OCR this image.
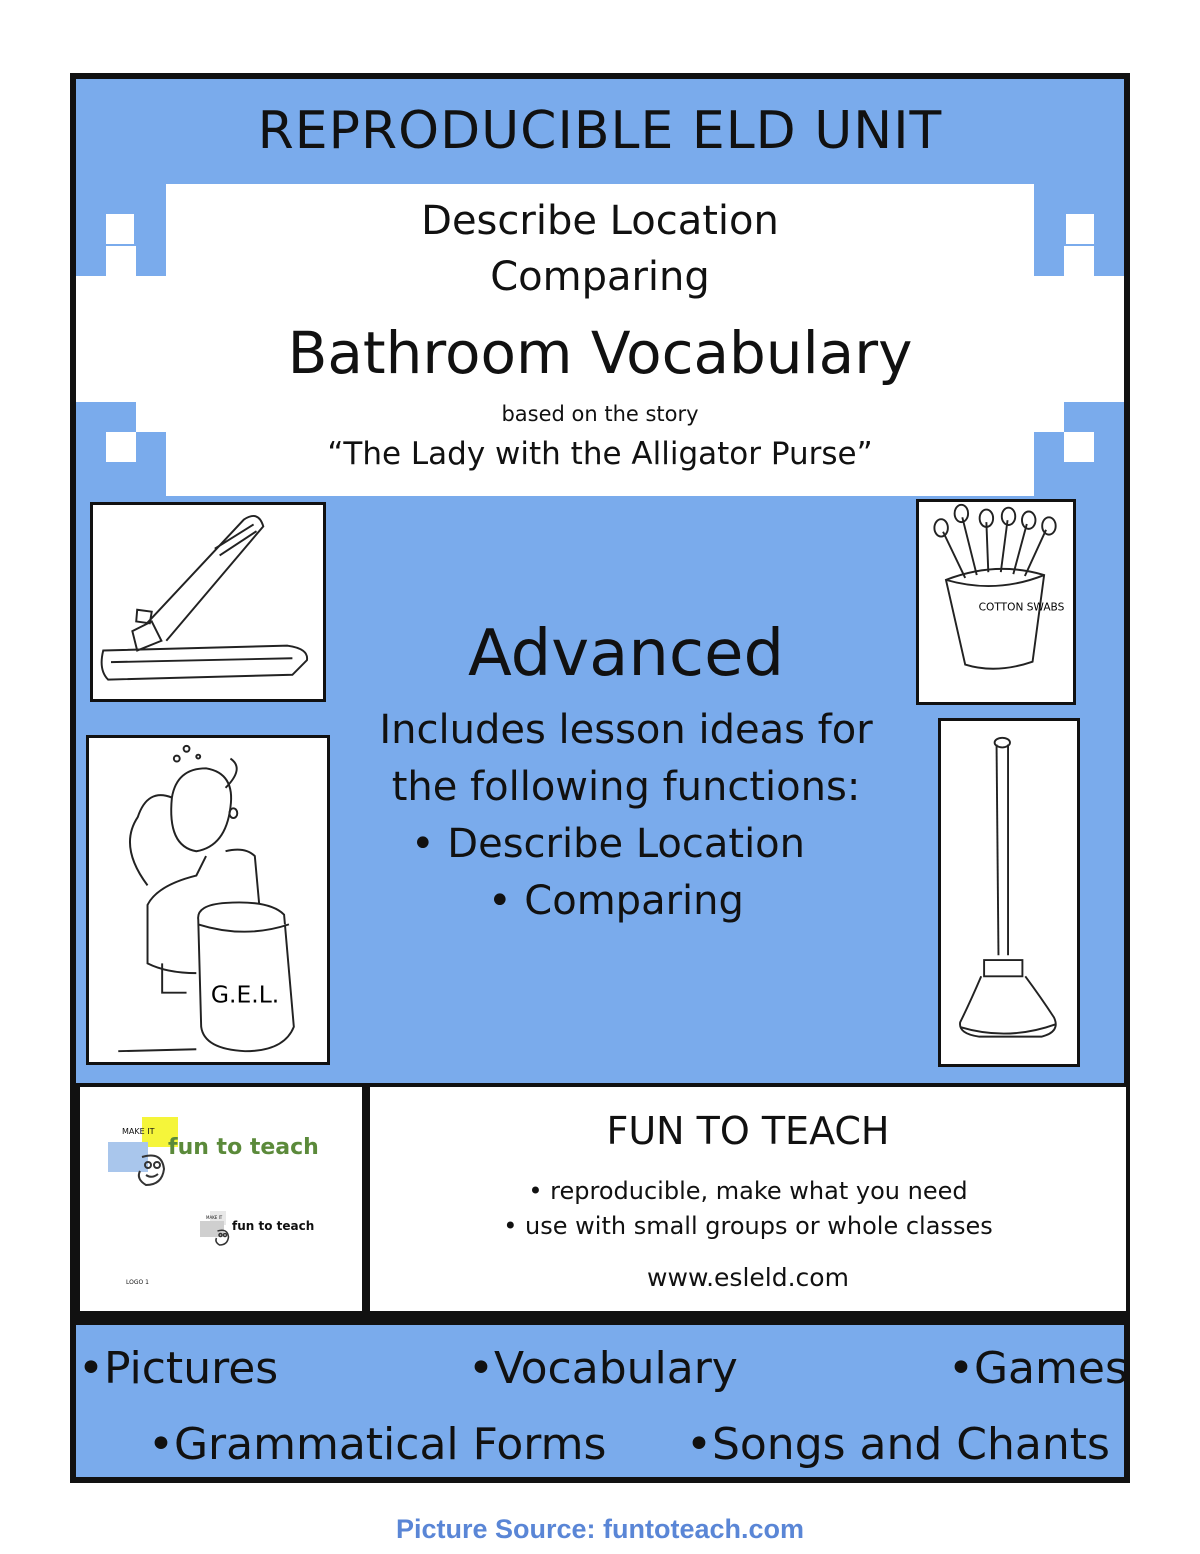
REPRODUCIBLE ELD UNIT
Describe Location
Comparing
Bathroom Vocabulary
based on the story
“The Lady with the Alligator Purse”
G.E.L.
COTTON SWABS
Advanced
Includes lesson ideas for
the following functions:
• Describe Location
• Comparing
MAKE IT
fun to teach
MAKE IT
fun to teach
LOGO 1
FUN TO TEACH
• reproducible, make what you need
• use with small groups or whole classes
www.esleld.com
•Pictures	•Vocabulary	•Games
•Grammatical Forms •Songs and Chants
Picture Source: funtoteach.com
